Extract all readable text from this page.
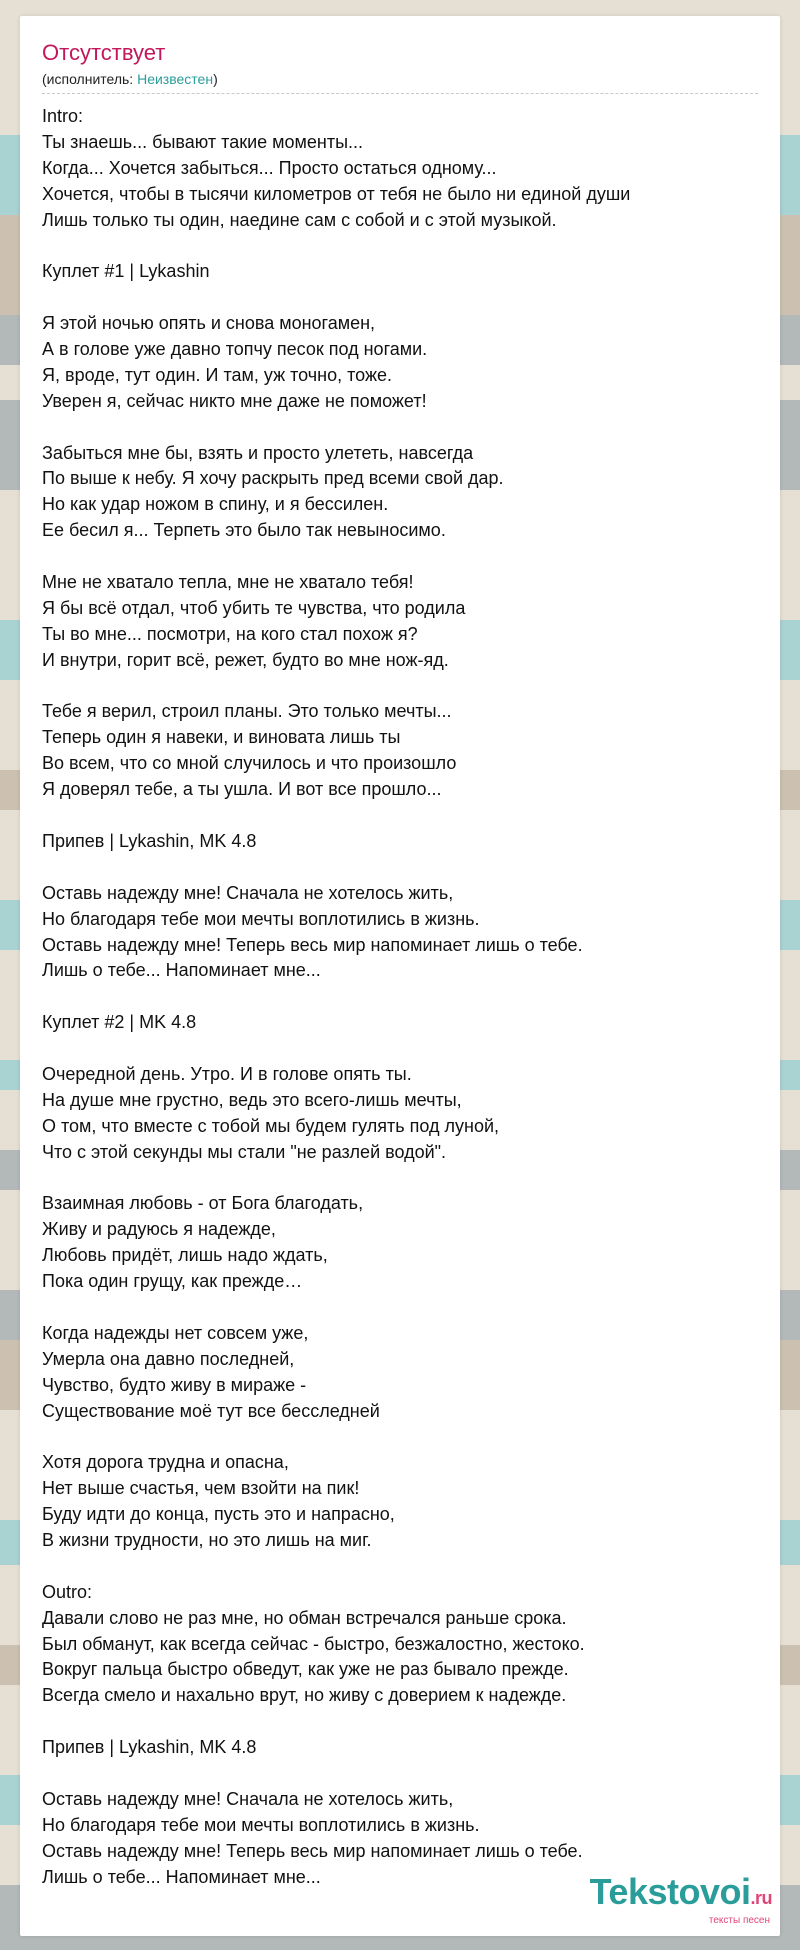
Отсутствует
(исполнитель: Неизвестен)
Intro:
Ты знаешь... бывают такие моменты...
Когда... Хочется забыться... Просто остаться одному...
Хочется, чтобы в тысячи километров от тебя не было ни единой души
Лишь только ты один, наедине сам с собой и с этой музыкой.
Куплет #1 | Lykashin
Я этой ночью опять и снова моногамен,
А в голове уже давно топчу песок под ногами.
Я, вроде, тут один. И там, уж точно, тоже.
Уверен я, сейчас никто мне даже не поможет!
Забыться мне бы, взять и просто улететь, навсегда
По выше к небу. Я хочу раскрыть пред всеми свой дар.
Но как удар ножом в спину, и я бессилен.
Ее бесил я... Терпеть это было так невыносимо.
Мне не хватало тепла, мне не хватало тебя!
Я бы всё отдал, чтоб убить те чувства, что родила
Ты во мне... посмотри, на кого стал похож я?
И внутри, горит всё, режет, будто во мне нож-яд.
Тебе я верил, строил планы. Это только мечты...
Теперь один я навеки, и виновата лишь ты
Во всем, что со мной случилось и что произошло
Я доверял тебе, а ты ушла. И вот все прошло...
Припев | Lykashin, MK 4.8
Оставь надежду мне! Сначала не хотелось жить,
Но благодаря тебе мои мечты воплотились в жизнь.
Оставь надежду мне! Теперь весь мир напоминает лишь о тебе.
Лишь о тебе... Напоминает мне...
Куплет #2 | MK 4.8
Очередной день. Утро. И в голове опять ты.
На душе мне грустно, ведь это всего-лишь мечты,
О том, что вместе с тобой мы будем гулять под луной,
Что с этой секунды мы стали "не разлей водой".
Взаимная любовь - от Бога благодать,
Живу и радуюсь я надежде,
Любовь придёт, лишь надо ждать,
Пока один грущу, как прежде…
Когда надежды нет совсем уже,
Умерла она давно последней,
Чувство, будто живу в мираже -
Существование моё тут все бесследней
Хотя дорога трудна и опасна,
Нет выше счастья, чем взойти на пик!
Буду идти до конца, пусть это и напрасно,
В жизни трудности, но это лишь на миг.
Outro:
Давали слово не раз мне, но обман встречался раньше срока.
Был обманут, как всегда сейчас - быстро, безжалостно, жестоко.
Вокруг пальца быстро обведут, как уже не раз бывало прежде.
Всегда смело и нахально врут, но живу с доверием к надежде.
Припев | Lykashin, MK 4.8
Оставь надежду мне! Сначала не хотелось жить,
Но благодаря тебе мои мечты воплотились в жизнь.
Оставь надежду мне! Теперь весь мир напоминает лишь о тебе.
Лишь о тебе... Напоминает мне...	Tekstovoi.ru
тексты песен
